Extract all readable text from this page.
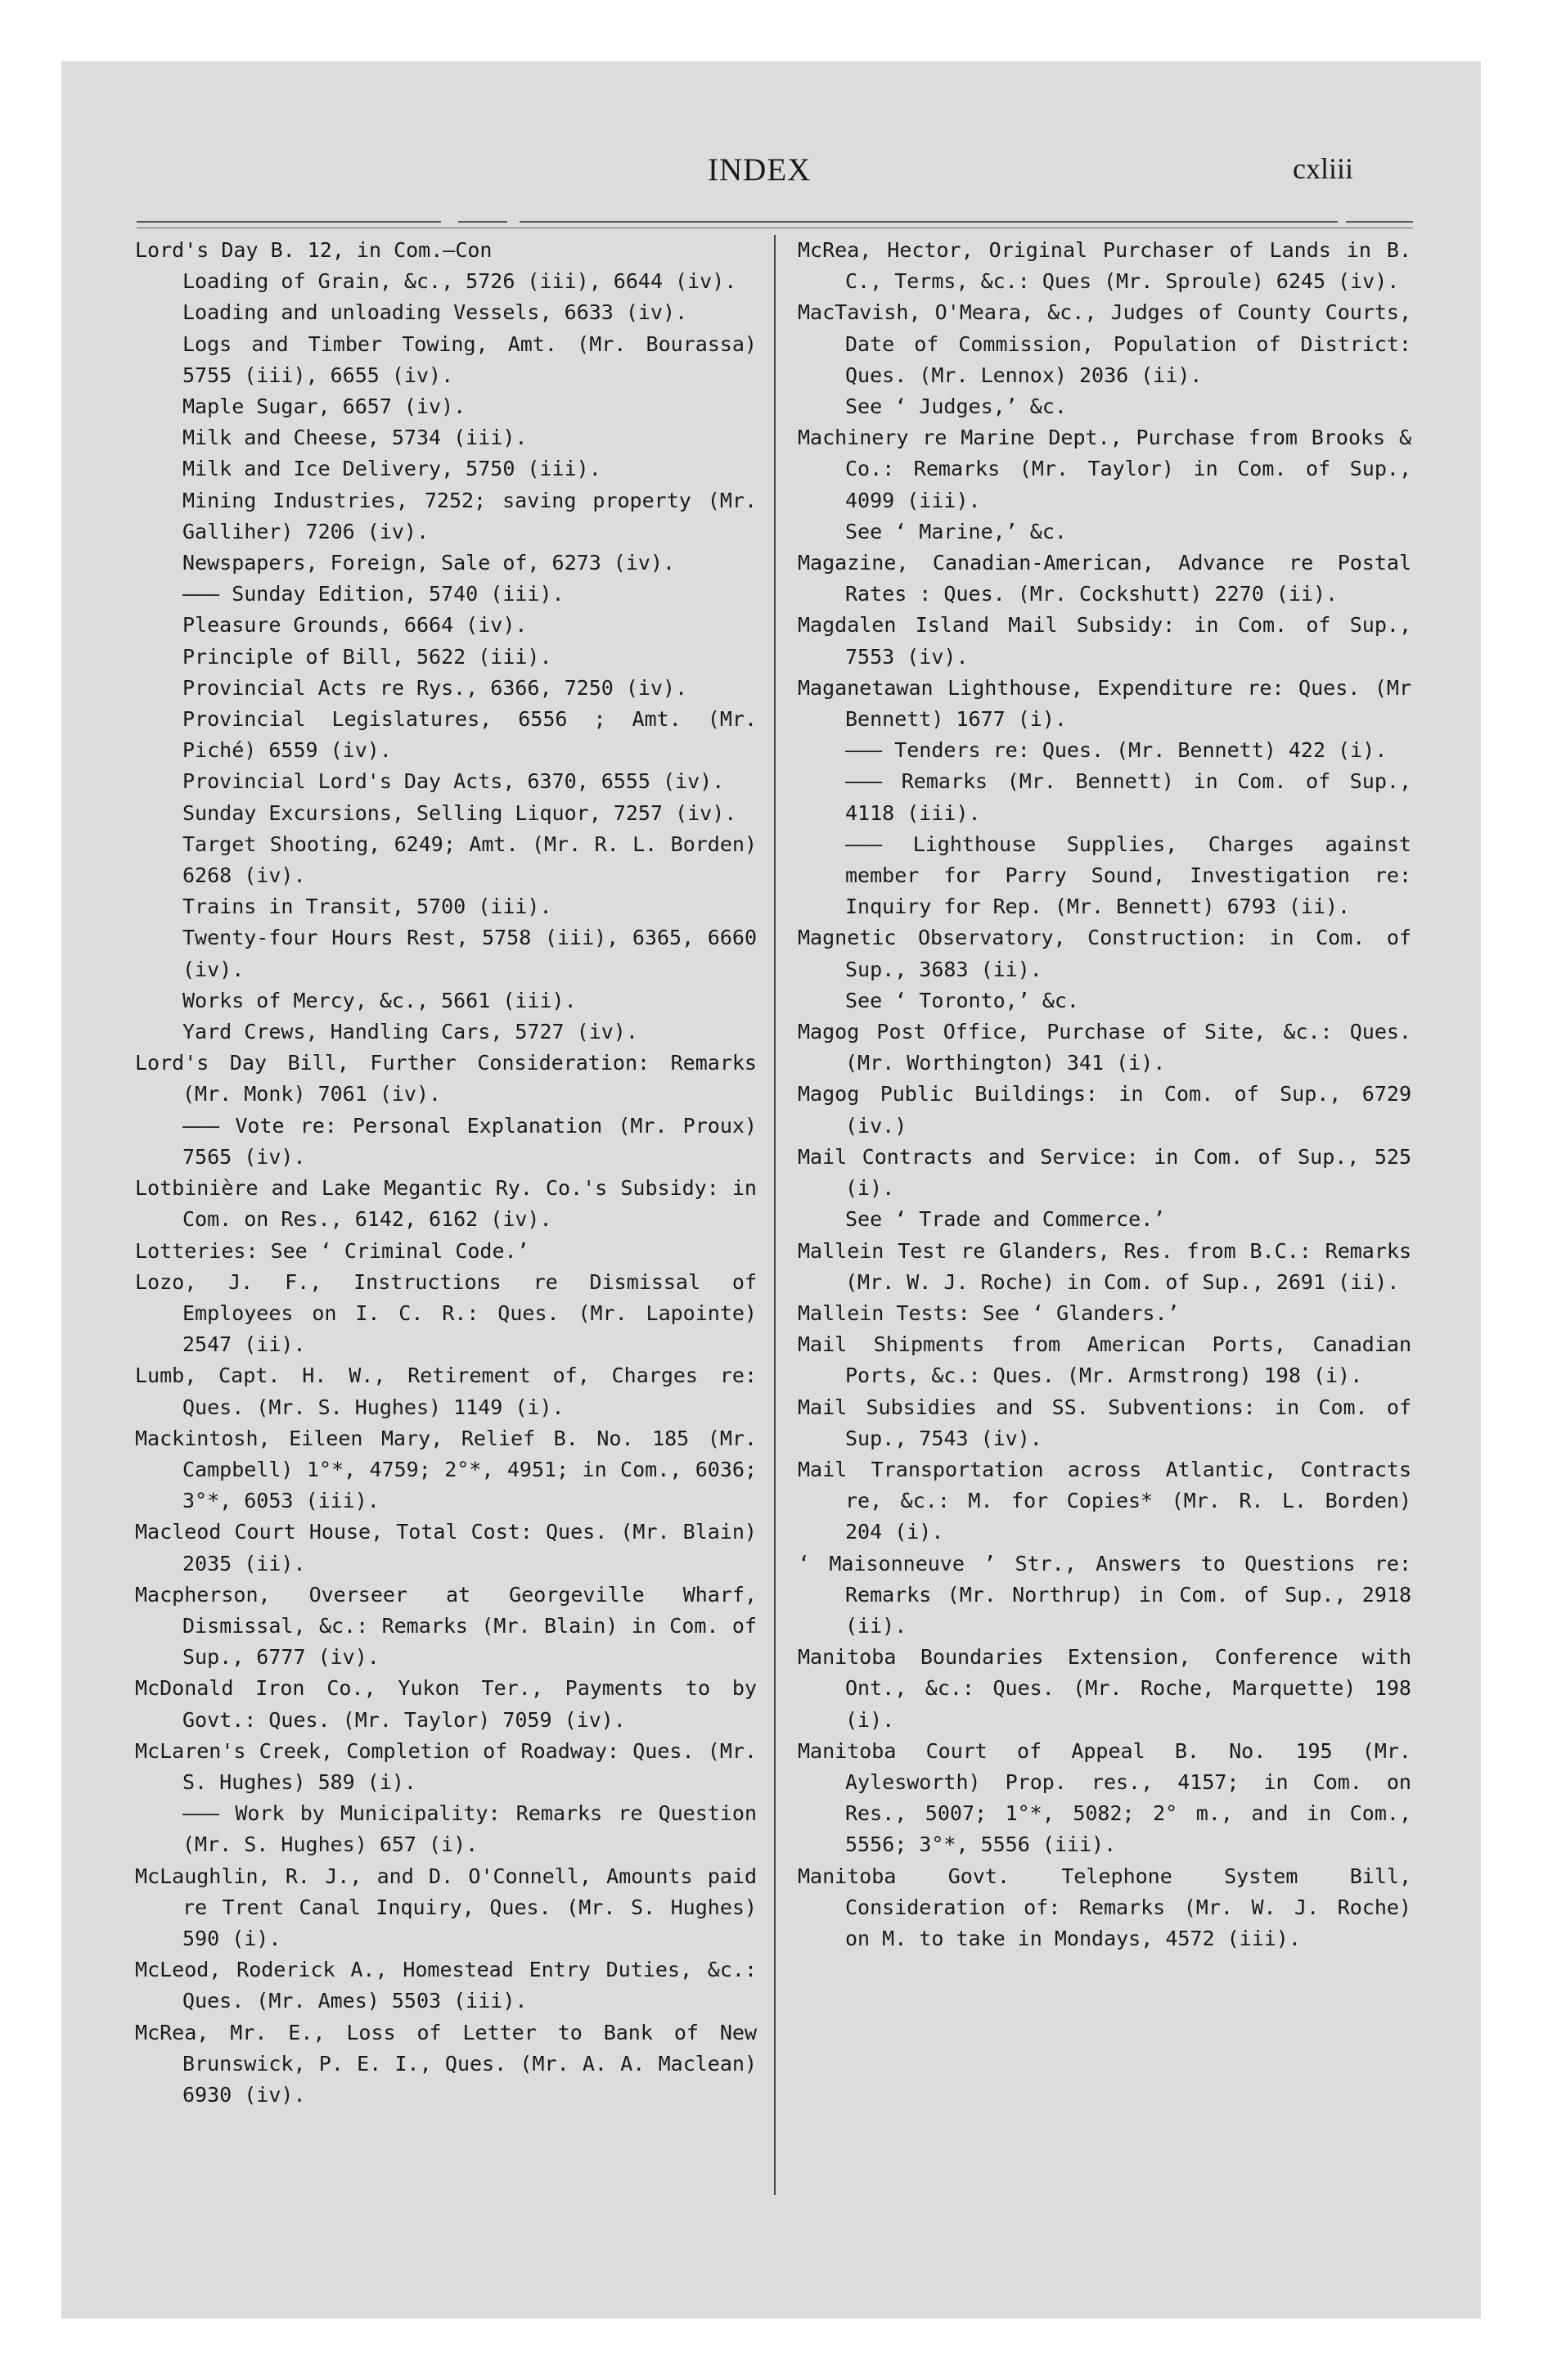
INDEX	cxliii
Lord's Day B. 12, in Com.—Con
Loading of Grain, &c., 5726 (iii), 6644 (iv).
Loading and unloading Vessels, 6633 (iv).
Logs and Timber Towing, Amt. (Mr. Bourassa) 5755 (iii), 6655 (iv).
Maple Sugar, 6657 (iv).
Milk and Cheese, 5734 (iii).
Milk and Ice Delivery, 5750 (iii).
Mining Industries, 7252; saving property (Mr. Galliher) 7206 (iv).
Newspapers, Foreign, Sale of, 6273 (iv).
——— Sunday Edition, 5740 (iii).
Pleasure Grounds, 6664 (iv).
Principle of Bill, 5622 (iii).
Provincial Acts re Rys., 6366, 7250 (iv).
Provincial Legislatures, 6556 ; Amt. (Mr. Piché) 6559 (iv).
Provincial Lord's Day Acts, 6370, 6555 (iv).
Sunday Excursions, Selling Liquor, 7257 (iv).
Target Shooting, 6249; Amt. (Mr. R. L. Borden) 6268 (iv).
Trains in Transit, 5700 (iii).
Twenty-four Hours Rest, 5758 (iii), 6365, 6660 (iv).
Works of Mercy, &c., 5661 (iii).
Yard Crews, Handling Cars, 5727 (iv).
Lord's Day Bill, Further Consideration: Remarks (Mr. Monk) 7061 (iv).
——— Vote re: Personal Explanation (Mr. Proux) 7565 (iv).
Lotbinière and Lake Megantic Ry. Co.'s Subsidy: in Com. on Res., 6142, 6162 (iv).
Lotteries: See ‘ Criminal Code.’
Lozo, J. F., Instructions re Dismissal of Employees on I. C. R.: Ques. (Mr. Lapointe) 2547 (ii).
Lumb, Capt. H. W., Retirement of, Charges re: Ques. (Mr. S. Hughes) 1149 (i).
Mackintosh, Eileen Mary, Relief B. No. 185 (Mr. Campbell) 1°*, 4759; 2°*, 4951; in Com., 6036; 3°*, 6053 (iii).
Macleod Court House, Total Cost: Ques. (Mr. Blain) 2035 (ii).
Macpherson, Overseer at Georgeville Wharf, Dismissal, &c.: Remarks (Mr. Blain) in Com. of Sup., 6777 (iv).
McDonald Iron Co., Yukon Ter., Payments to by Govt.: Ques. (Mr. Taylor) 7059 (iv).
McLaren's Creek, Completion of Roadway: Ques. (Mr. S. Hughes) 589 (i).
——— Work by Municipality: Remarks re Question (Mr. S. Hughes) 657 (i).
McLaughlin, R. J., and D. O'Connell, Amounts paid re Trent Canal Inquiry, Ques. (Mr. S. Hughes) 590 (i).
McLeod, Roderick A., Homestead Entry Duties, &c.: Ques. (Mr. Ames) 5503 (iii).
McRea, Mr. E., Loss of Letter to Bank of New Brunswick, P. E. I., Ques. (Mr. A. A. Maclean) 6930 (iv).
McRea, Hector, Original Purchaser of Lands in B. C., Terms, &c.: Ques (Mr. Sproule) 6245 (iv).
MacTavish, O'Meara, &c., Judges of County Courts, Date of Commission, Population of District: Ques. (Mr. Lennox) 2036 (ii).
See ‘ Judges,’ &c.
Machinery re Marine Dept., Purchase from Brooks & Co.: Remarks (Mr. Taylor) in Com. of Sup., 4099 (iii).
See ‘ Marine,’ &c.
Magazine, Canadian-American, Advance re Postal Rates : Ques. (Mr. Cockshutt) 2270 (ii).
Magdalen Island Mail Subsidy: in Com. of Sup., 7553 (iv).
Maganetawan Lighthouse, Expenditure re: Ques. (Mr Bennett) 1677 (i).
——— Tenders re: Ques. (Mr. Bennett) 422 (i).
——— Remarks (Mr. Bennett) in Com. of Sup., 4118 (iii).
——— Lighthouse Supplies, Charges against member for Parry Sound, Investigation re: Inquiry for Rep. (Mr. Bennett) 6793 (ii).
Magnetic Observatory, Construction: in Com. of Sup., 3683 (ii).
See ‘ Toronto,’ &c.
Magog Post Office, Purchase of Site, &c.: Ques. (Mr. Worthington) 341 (i).
Magog Public Buildings: in Com. of Sup., 6729 (iv.)
Mail Contracts and Service: in Com. of Sup., 525 (i).
See ‘ Trade and Commerce.’
Mallein Test re Glanders, Res. from B.C.: Remarks (Mr. W. J. Roche) in Com. of Sup., 2691 (ii).
Mallein Tests: See ‘ Glanders.’
Mail Shipments from American Ports, Canadian Ports, &c.: Ques. (Mr. Armstrong) 198 (i).
Mail Subsidies and SS. Subventions: in Com. of Sup., 7543 (iv).
Mail Transportation across Atlantic, Contracts re, &c.: M. for Copies* (Mr. R. L. Borden) 204 (i).
‘ Maisonneuve ’ Str., Answers to Questions re: Remarks (Mr. Northrup) in Com. of Sup., 2918 (ii).
Manitoba Boundaries Extension, Conference with Ont., &c.: Ques. (Mr. Roche, Marquette) 198 (i).
Manitoba Court of Appeal B. No. 195 (Mr. Aylesworth) Prop. res., 4157; in Com. on Res., 5007; 1°*, 5082; 2° m., and in Com., 5556; 3°*, 5556 (iii).
Manitoba Govt. Telephone System Bill, Consideration of: Remarks (Mr. W. J. Roche) on M. to take in Mondays, 4572 (iii).
